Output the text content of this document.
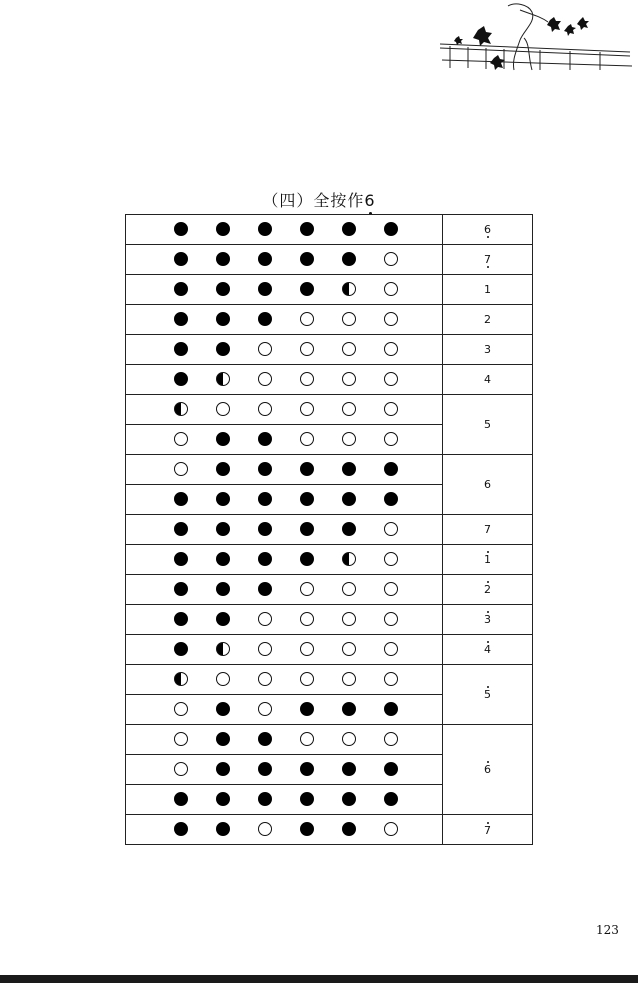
（四）全按作6
6
7
1
2
3
4
5
6
7
1
2
3
4
5
6
7
123
